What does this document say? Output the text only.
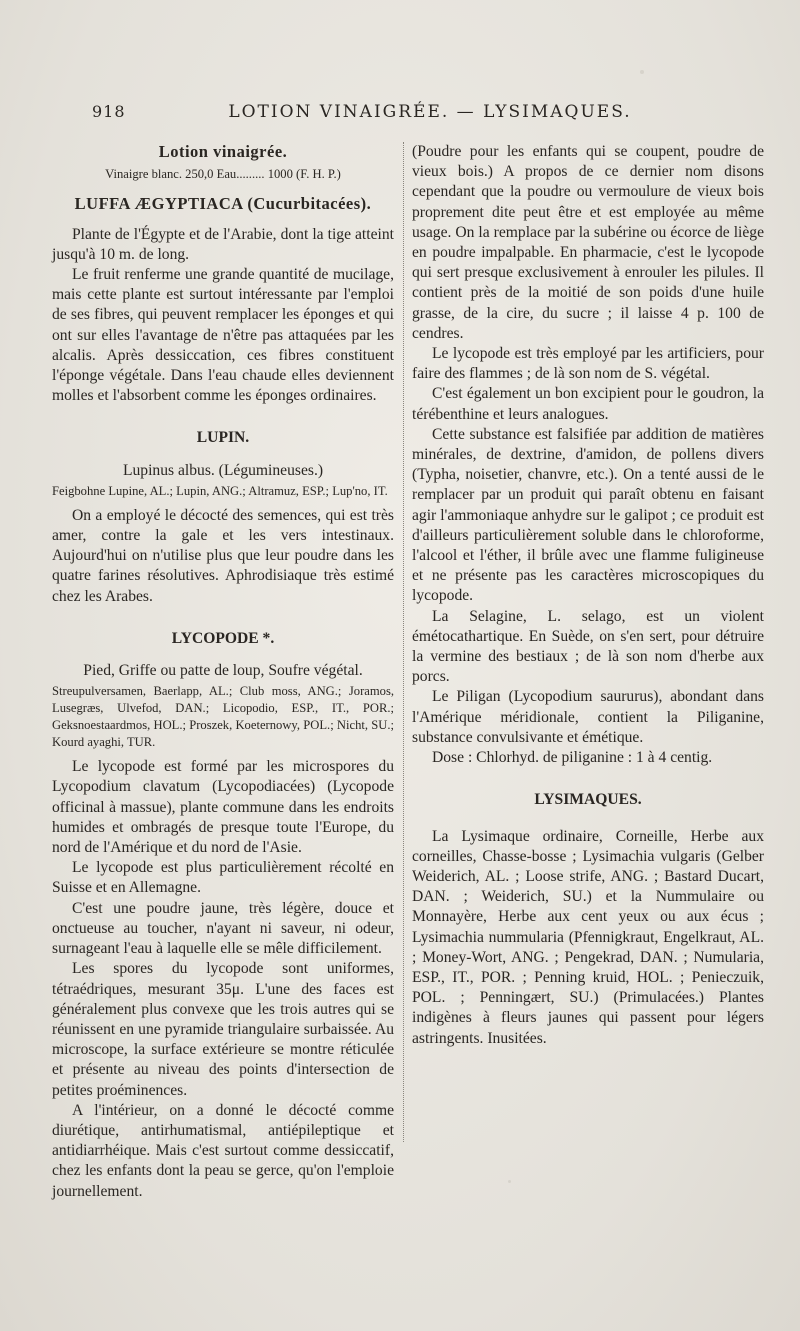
918	LOTION VINAIGRÉE. — LYSIMAQUES.
Lotion vinaigrée.
Vinaigre blanc. 250,0 Eau......... 1000 (F. H. P.)
LUFFA ÆGYPTIACA (Cucurbitacées).

Plante de l'Égypte et de l'Arabie, dont la tige atteint jusqu'à 10 m. de long.

Le fruit renferme une grande quantité de mucilage, mais cette plante est surtout intéressante par l'emploi de ses fibres, qui peuvent remplacer les éponges et qui ont sur elles l'avantage de n'être pas attaquées par les alcalis. Après dessiccation, ces fibres constituent l'éponge végétale. Dans l'eau chaude elles deviennent molles et l'absorbent comme les éponges ordinaires.

LUPIN.
Lupinus albus. (Légumineuses.)
Feigbohne Lupine, AL.; Lupin, ANG.; Altramuz, ESP.; Lup'no, IT.

On a employé le décocté des semences, qui est très amer, contre la gale et les vers intestinaux. Aujourd'hui on n'utilise plus que leur poudre dans les quatre farines résolutives. Aphrodisiaque très estimé chez les Arabes.

LYCOPODE *.
Pied, Griffe ou patte de loup, Soufre végétal.
Streupulversamen, Baerlapp, AL.; Club moss, ANG.; Joramos, Lusegræs, Ulvefod, DAN.; Licopodio, ESP., IT., POR.; Geksnoestaardmos, HOL.; Proszek, Koeternowy, POL.; Nicht, SU.; Kourd ayaghi, TUR.

Le lycopode est formé par les microspores du Lycopodium clavatum (Lycopodiacées) (Lycopode officinal à massue), plante commune dans les endroits humides et ombragés de presque toute l'Europe, du nord de l'Amérique et du nord de l'Asie.

Le lycopode est plus particulièrement récolté en Suisse et en Allemagne.

C'est une poudre jaune, très légère, douce et onctueuse au toucher, n'ayant ni saveur, ni odeur, surnageant l'eau à laquelle elle se mêle difficilement.

Les spores du lycopode sont uniformes, tétraédriques, mesurant 35μ. L'une des faces est généralement plus convexe que les trois autres qui se réunissent en une pyramide triangulaire surbaissée. Au microscope, la surface extérieure se montre réticulée et présente au niveau des points d'intersection de petites proéminences.

A l'intérieur, on a donné le décocté comme diurétique, antirhumatismal, antiépileptique et antidiarrhéique. Mais c'est surtout comme dessiccatif, chez les enfants dont la peau se gerce, qu'on l'emploie journellement.

(Poudre pour les enfants qui se coupent, poudre de vieux bois.) A propos de ce dernier nom disons cependant que la poudre ou vermoulure de vieux bois proprement dite peut être et est employée au même usage. On la remplace par la subérine ou écorce de liège en poudre impalpable. En pharmacie, c'est le lycopode qui sert presque exclusivement à enrouler les pilules. Il contient près de la moitié de son poids d'une huile grasse, de la cire, du sucre ; il laisse 4 p. 100 de cendres.

Le lycopode est très employé par les artificiers, pour faire des flammes ; de là son nom de S. végétal.

C'est également un bon excipient pour le goudron, la térébenthine et leurs analogues.

Cette substance est falsifiée par addition de matières minérales, de dextrine, d'amidon, de pollens divers (Typha, noisetier, chanvre, etc.). On a tenté aussi de le remplacer par un produit qui paraît obtenu en faisant agir l'ammoniaque anhydre sur le galipot ; ce produit est d'ailleurs particulièrement soluble dans le chloroforme, l'alcool et l'éther, il brûle avec une flamme fuligineuse et ne présente pas les caractères microscopiques du lycopode.

La Selagine, L. selago, est un violent émétocathartique. En Suède, on s'en sert, pour détruire la vermine des bestiaux ; de là son nom d'herbe aux porcs.

Le Piligan (Lycopodium saururus), abondant dans l'Amérique méridionale, contient la Piliganine, substance convulsivante et émétique.

Dose : Chlorhyd. de piliganine : 1 à 4 centig.

LYSIMAQUES.

La Lysimaque ordinaire, Corneille, Herbe aux corneilles, Chasse-bosse ; Lysimachia vulgaris (Gelber Weiderich, AL. ; Loose strife, ANG. ; Bastard Ducart, DAN. ; Weiderich, SU.) et la Nummulaire ou Monnayère, Herbe aux cent yeux ou aux écus ; Lysimachia nummularia (Pfennigkraut, Engelkraut, AL. ; Money-Wort, ANG. ; Pengekrad, DAN. ; Numularia, ESP., IT., POR. ; Penning kruid, HOL. ; Penieczuik, POL. ; Penningært, SU.) (Primulacées.) Plantes indigènes à fleurs jaunes qui passent pour légers astringents. Inusitées.
